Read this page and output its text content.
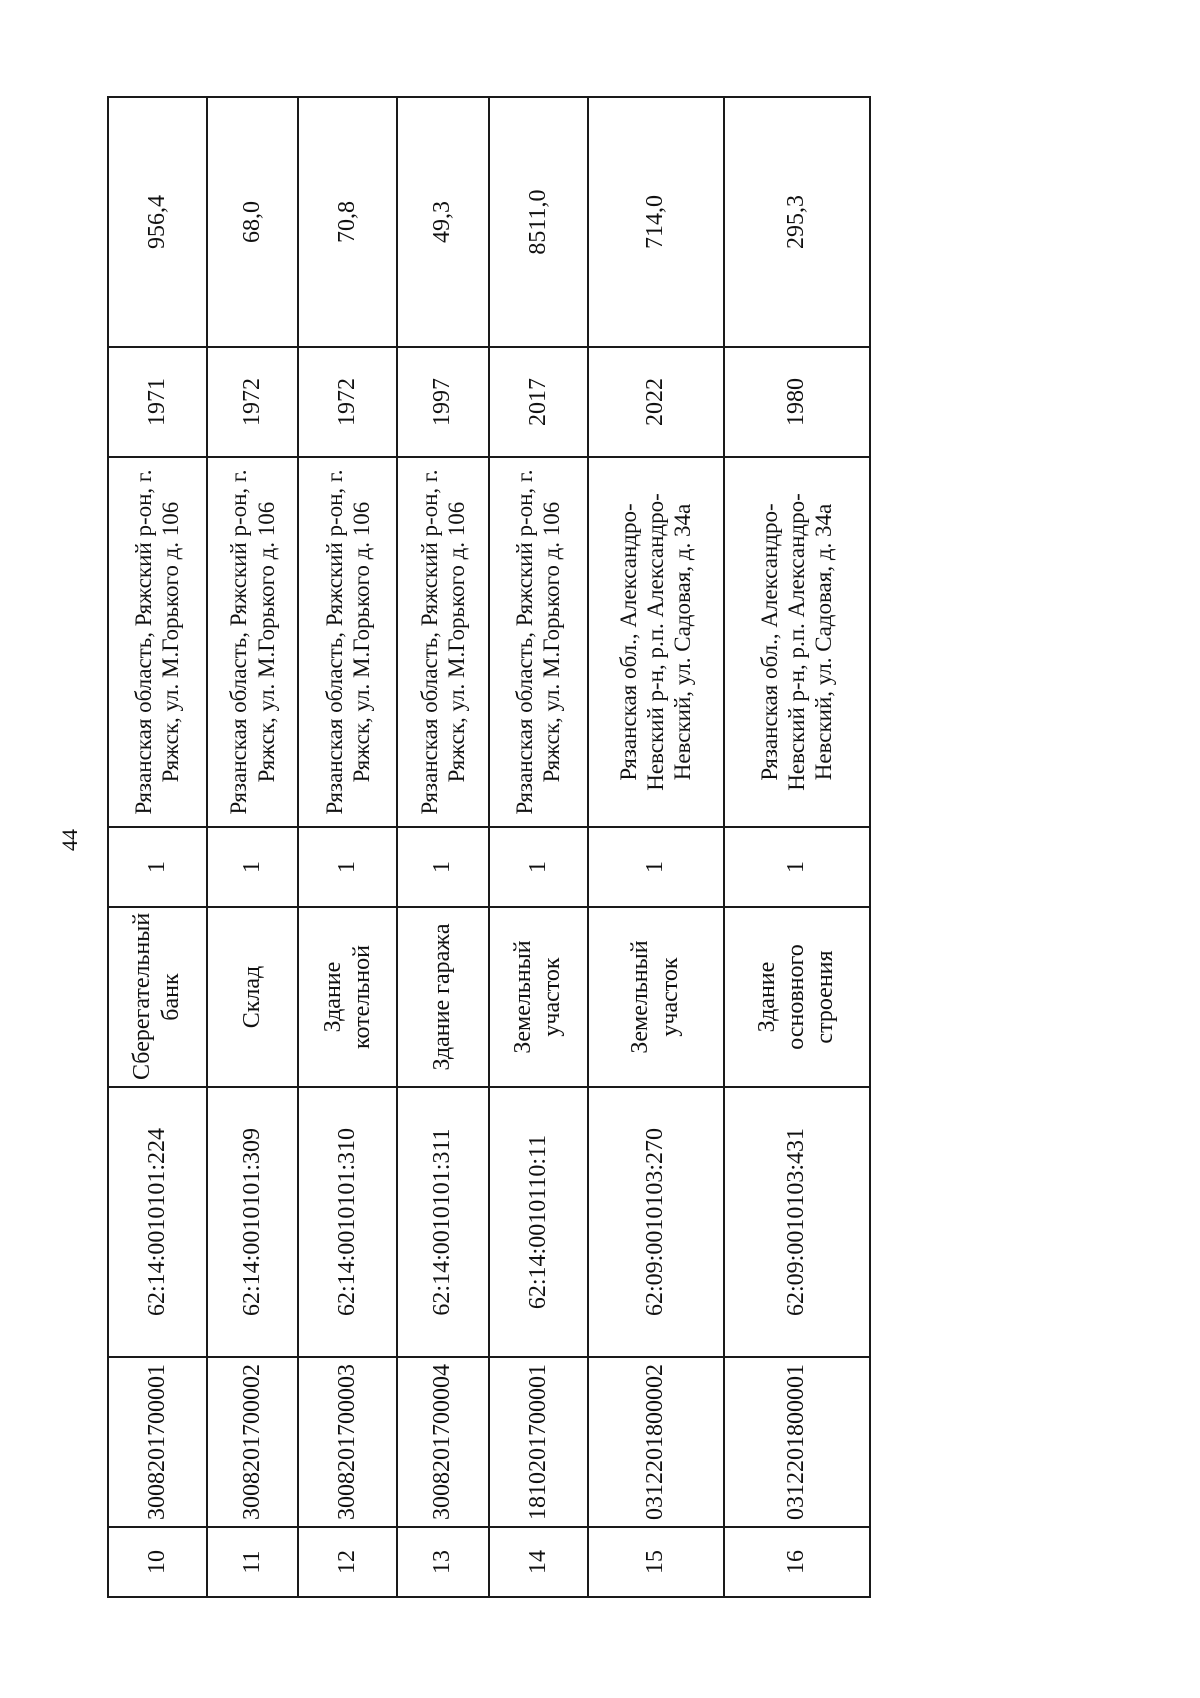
44
10	3008201700001	62:14:0010101:224	Сберегательный банк	1	Рязанская область, Ряжский р-он, г. Ряжск, ул. М.Горького д. 106	1971	956,4
11	3008201700002	62:14:0010101:309	Склад	1	Рязанская область, Ряжский р-он, г. Ряжск, ул. М.Горького д. 106	1972	68,0
12	3008201700003	62:14:0010101:310	Здание котельной	1	Рязанская область, Ряжский р-он, г. Ряжск, ул. М.Горького д. 106	1972	70,8
13	3008201700004	62:14:0010101:311	Здание гаража	1	Рязанская область, Ряжский р-он, г. Ряжск, ул. М.Горького д. 106	1997	49,3
14	1810201700001	62:14:0010110:11	Земельный участок	1	Рязанская область, Ряжский р-он, г. Ряжск, ул. М.Горького д. 106	2017	8511,0
15	0312201800002	62:09:0010103:270	Земельный участок	1	Рязанская обл., Александро-Невский р-н, р.п. Александро-Невский, ул. Садовая, д. 34а	2022	714,0
16	0312201800001	62:09:0010103:431	Здание основного строения	1	Рязанская обл., Александро-Невский р-н, р.п. Александро-Невский, ул. Садовая, д. 34а	1980	295,3
